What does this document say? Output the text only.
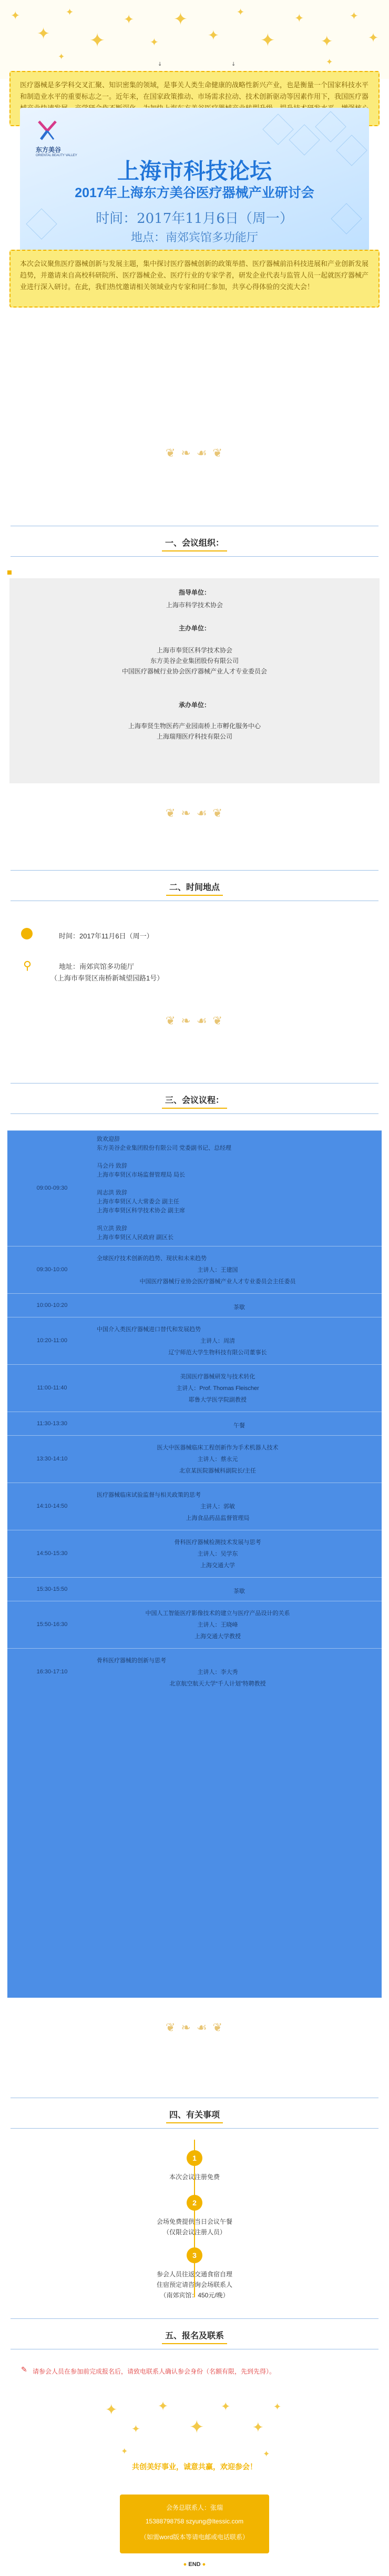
✦
✦
✦
✦
✦
✦
✦
✦
✦
✦
✦
✦
✦
✦
✦
✦
↓	↓
医疗器械是多学科交叉汇聚、知识密集的领域，是事关人类生命健康的战略性新兴产业，也是衡量一个国家科技水平和制造业水平的重要标志之一。近年来，在国家政策推动、市场需求拉动、技术创新驱动等因素作用下，我国医疗器
东方美谷
ORIENTAL BEAUTY VALLEY
上海市科技论坛
2017年上海东方美谷医疗器械产业研讨会
时间：2017年11月6日（周一）
地点：南郊宾馆多功能厅
本次会议聚焦医疗器械创新与发展主题，集中探讨医疗器械创新的政策举措、医疗器械前沿科技进展和产业创新发展趋势，并邀请来自高校科研院所、医疗器械企业、医疗行业的专家学者，研发企业代表与监管人员一起就医疗器械产业进行深入研讨。在此，我们热忱邀请相关领域业内专家和同仁参加，共享心得体验的交流大会！
❦ ❧ ☙ ❦
一、会议组织：
指导单位：
上海市科学技术协会
主办单位：
上海市奉贤区科学技术协会
东方美谷企业集团股份有限公司
中国医疗器械行业协会医疗器械产业人才专业委员会
承办单位：
上海奉贤生物医药产业园南桥上市孵化服务中心
上海瑞翔医疗科技有限公司
❦ ❧ ☙ ❦
二、时间地点
时间：2017年11月6日（周一）
⚲	地址：南郊宾馆多功能厅
（上海市奉贤区南桥新城望园路1号）
❦ ❧ ☙ ❦
三、会议议程：
09:00-09:30
致欢迎辞
东方美谷企业集团股份有限公司 党委副书记、总经理
马会丹 致辞
上海市奉贤区市场监督管理局 局长
周志洪 致辞
上海市奉贤区人大常委会 副主任
上海市奉贤区科学技术协会 副主席
巩立洪 致辞
上海市奉贤区人民政府 副区长
09:30-10:00
全球医疗技术创新的趋势、现状和未来趋势
主讲人：王建国
中国医疗器械行业协会医疗器械产业人才专业委员会主任委员
10:00-10:20	茶歇
10:20-11:00
中国介入类医疗器械进口替代和发展趋势
主讲人：周清
辽宁师范大学生物科技有限公司董事长
11:00-11:40
美国医疗器械研发与技术转化
主讲人：Prof. Thomas Fleischer
耶鲁大学医学院副教授
11:30-13:30	午餐
13:30-14:10
医大中医器械临床工程创新作为手术机器人技术
主讲人：蔡永元
北京某医院器械科副院长/主任
14:10-14:50
医疗器械临床试验监督与相关政策的思考
主讲人：郭敏
上海食品药品监督管理局
14:50-15:30
骨科医疗器械检测技术发展与思考
主讲人：吴学东
上海交通大学
15:30-15:50	茶歇
15:50-16:30
中国人工智能医疗影像技术的建立与医疗产品设计的关系
主讲人：王晓峰
上海交通大学教授
16:30-17:10
骨科医疗器械的创新与思考
主讲人：李大秀
北京航空航天大学“千人计划”特聘教授
❦ ❧ ☙ ❦
四、有关事项
1
本次会议注册免费
2
会场免费提供当日会议午餐
（仅限会议注册人员）
3
参会人员往返交通食宿自理
住宿预定请咨询会场联系人
（南郊宾馆：450元/晚）
五、报名及联系
✎ 请参会人员在参加前完成报名后，请致电联系人确认参会身份（名额有限，先到先得）。
✦
✦
✦
✦
✦
✦
✦
✦	✦
共创美好事业，诚意共赢，欢迎参会！
会务总联系人：张瑞
15388798758 szyung@ltessic.com
（如需word版本等请电邮或电话联系）
● END ●
